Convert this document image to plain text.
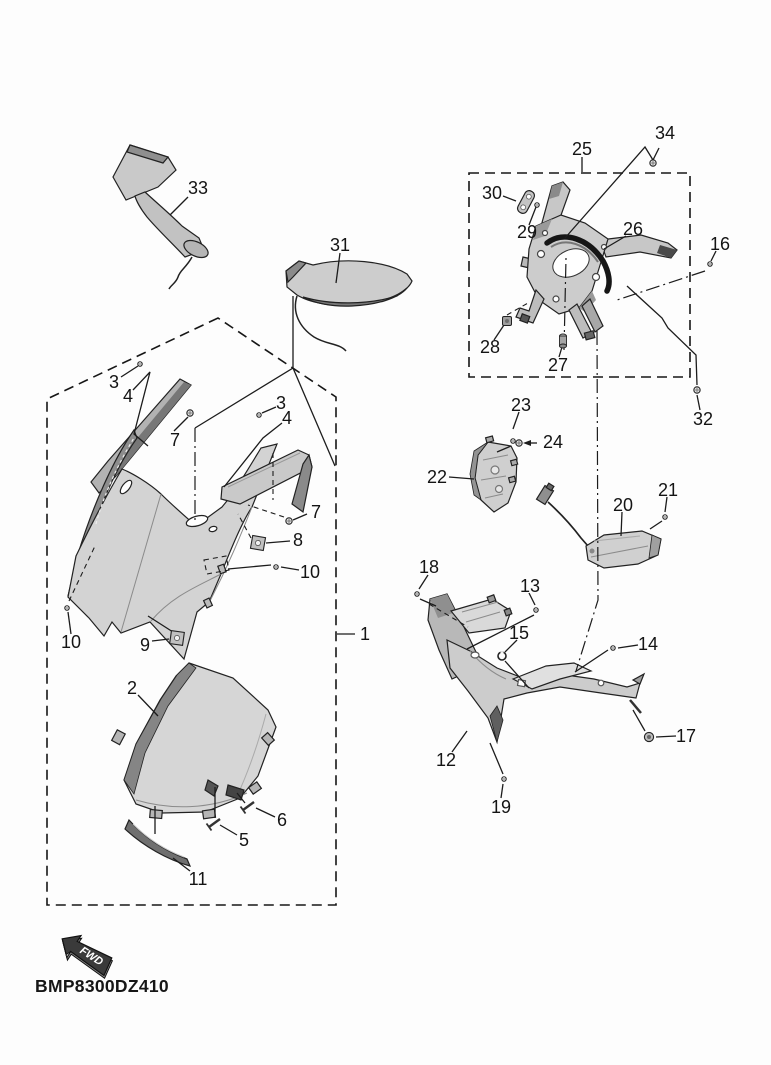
33
31
25
34
30
29	26
16
28
27
32
3
4
7
3
4
7
8
10
10	9
1
2
6
5
11
23
24
22
20
21
18
13
15
14
17
12
19
FWD
BMP8300DZ410
